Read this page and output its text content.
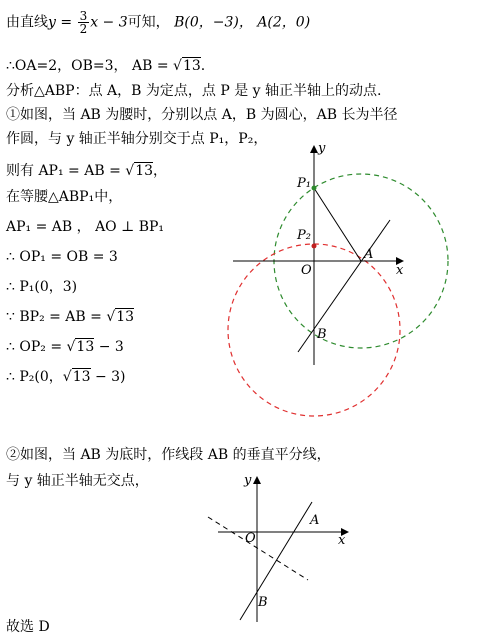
由直线$y = \frac{3}{2}$ x − 3可知， B(0，−3)， A(2，0)
∴OA=2，OB=3， AB = √13.
分析△ABP：点 A，B 为定点，点 P 是 y 轴正半轴上的动点.
①如图，当 AB 为腰时，分别以点 A，B 为圆心，AB 长为半径
作圆，与 y 轴正半轴分别交于点 P₁，P₂，
则有 AP₁ = AB = √13，
在等腰△ABP₁中，
AP₁ = AB ， AO ⊥ BP₁
∴ OP₁ = OB = 3
∴ P₁(0，3)
∵ BP₂ = AB = √13
∴ OP₂ = √13 − 3
∴ P₂(0，√13 − 3)
②如图，当 AB 为底时，作线段 AB 的垂直平分线，
与 y 轴正半轴无交点，
故选 D
y
x
O
A
B
P₁
P₂
y
x
O
A
B
